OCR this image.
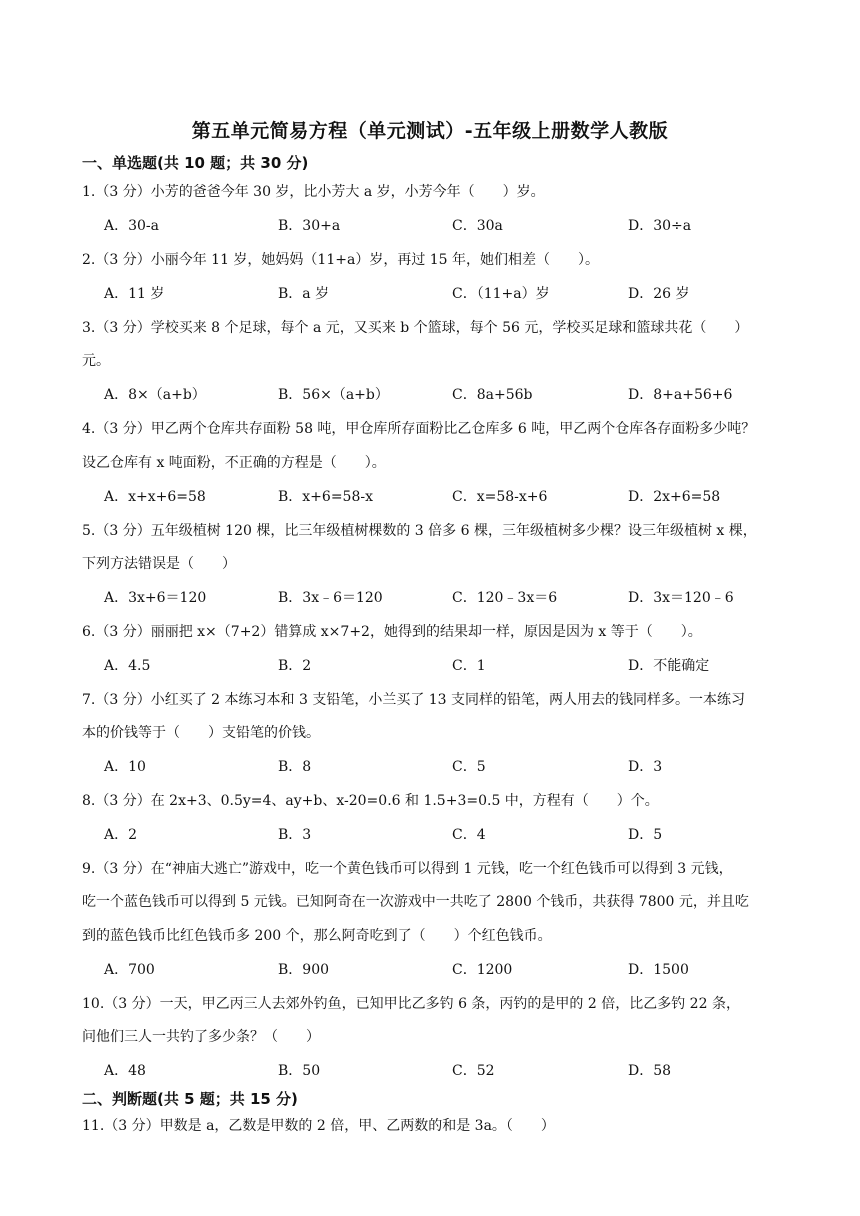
第五单元简易方程（单元测试）-五年级上册数学人教版
一、单选题(共 10 题；共 30 分)
1.（3 分）小芳的爸爸今年 30 岁，比小芳大 a 岁，小芳今年（　　）岁。
A．30-a	B．30+a	C．30a	D．30÷a
2.（3 分）小丽今年 11 岁，她妈妈（11+a）岁，再过 15 年，她们相差（　　）。
A．11 岁	B．a 岁	C．（11+a）岁	D．26 岁
3.（3 分）学校买来 8 个足球，每个 a 元，又买来 b 个篮球，每个 56 元，学校买足球和篮球共花（　　）
元。
A．8×（a+b）	B．56×（a+b）	C．8a+56b	D．8+a+56+6
4.（3 分）甲乙两个仓库共存面粉 58 吨，甲仓库所存面粉比乙仓库多 6 吨，甲乙两个仓库各存面粉多少吨？
设乙仓库有 x 吨面粉，不正确的方程是（　　）。
A．x+x+6=58	B．x+6=58-x	C．x=58-x+6	D．2x+6=58
5.（3 分）五年级植树 120 棵，比三年级植树棵数的 3 倍多 6 棵，三年级植树多少棵？设三年级植树 x 棵，
下列方法错误是（　　）
A．3x+6＝120	B．3x﹣6＝120	C．120﹣3x＝6	D．3x＝120﹣6
6.（3 分）丽丽把 x×（7+2）错算成 x×7+2，她得到的结果却一样，原因是因为 x 等于（　　）。
A．4.5	B．2	C．1	D．不能确定
7.（3 分）小红买了 2 本练习本和 3 支铅笔，小兰买了 13 支同样的铅笔，两人用去的钱同样多。一本练习
本的价钱等于（　　）支铅笔的价钱。
A．10	B．8	C．5	D．3
8.（3 分）在 2x+3、0.5y=4、ay+b、x-20=0.6 和 1.5+3=0.5 中，方程有（　　）个。
A．2	B．3	C．4	D．5
9.（3 分）在“神庙大逃亡”游戏中，吃一个黄色钱币可以得到 1 元钱，吃一个红色钱币可以得到 3 元钱，
吃一个蓝色钱币可以得到 5 元钱。已知阿奇在一次游戏中一共吃了 2800 个钱币，共获得 7800 元，并且吃
到的蓝色钱币比红色钱币多 200 个，那么阿奇吃到了（　　）个红色钱币。
A．700	B．900	C．1200	D．1500
10.（3 分）一天，甲乙丙三人去郊外钓鱼，已知甲比乙多钓 6 条，丙钓的是甲的 2 倍，比乙多钓 22 条，
问他们三人一共钓了多少条？（　　）
A．48	B．50	C．52	D．58
二、判断题(共 5 题；共 15 分)
11.（3 分）甲数是 a，乙数是甲数的 2 倍，甲、乙两数的和是 3a。（　　）
